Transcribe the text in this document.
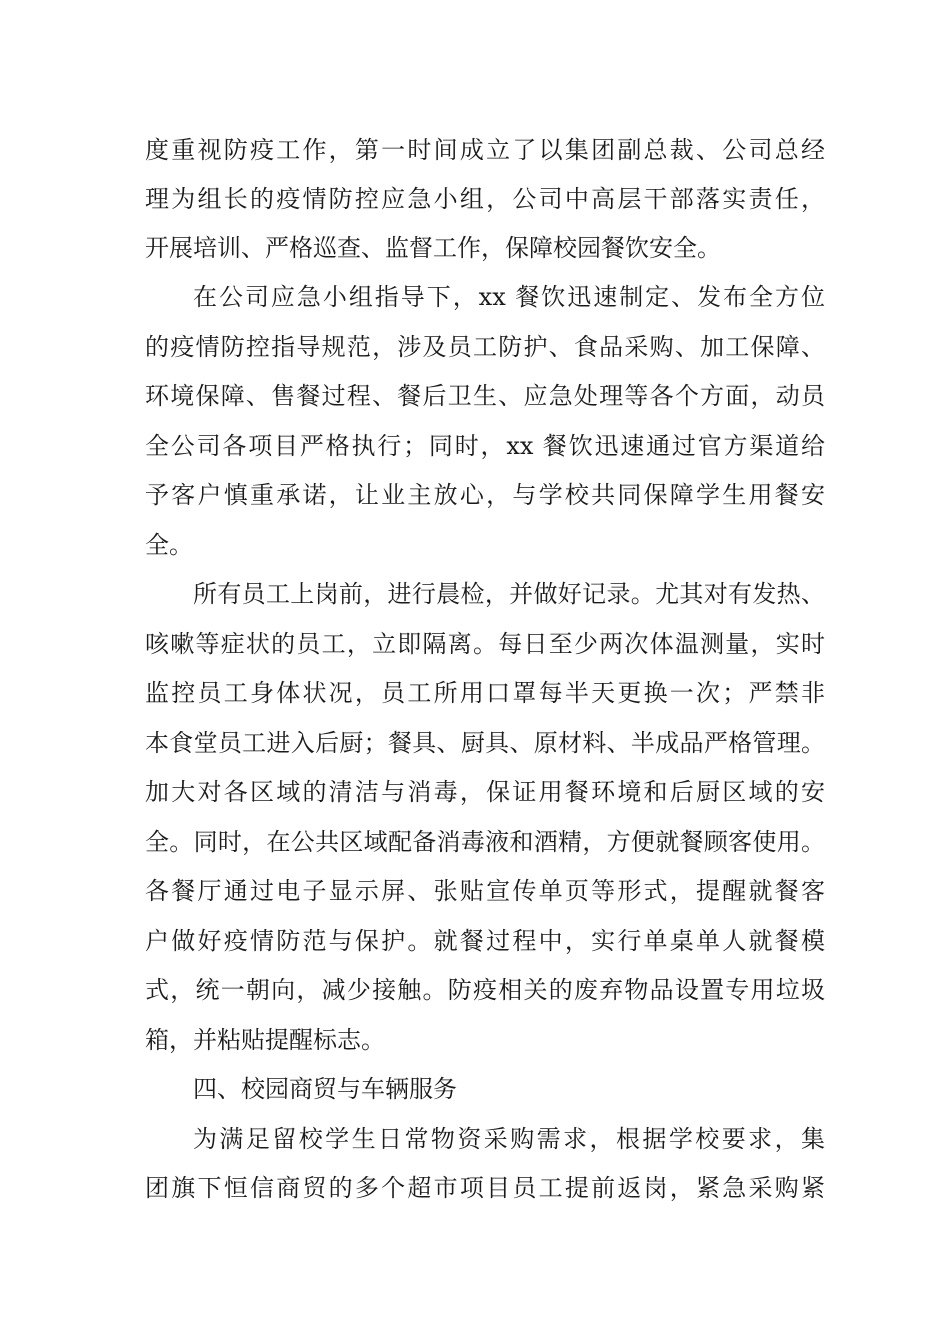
度重视防疫工作，第一时间成立了以集团副总裁、公司总经
理为组长的疫情防控应急小组，公司中高层干部落实责任，
开展培训、严格巡查、监督工作，保障校园餐饮安全。
在公司应急小组指导下，xx 餐饮迅速制定、发布全方位
的疫情防控指导规范，涉及员工防护、食品采购、加工保障、
环境保障、售餐过程、餐后卫生、应急处理等各个方面，动员
全公司各项目严格执行；同时，xx 餐饮迅速通过官方渠道给
予客户慎重承诺，让业主放心，与学校共同保障学生用餐安
全。
所有员工上岗前，进行晨检，并做好记录。尤其对有发热、
咳嗽等症状的员工，立即隔离。每日至少两次体温测量，实时
监控员工身体状况，员工所用口罩每半天更换一次；严禁非
本食堂员工进入后厨；餐具、厨具、原材料、半成品严格管理。
加大对各区域的清洁与消毒，保证用餐环境和后厨区域的安
全。同时，在公共区域配备消毒液和酒精，方便就餐顾客使用。
各餐厅通过电子显示屏、张贴宣传单页等形式，提醒就餐客
户做好疫情防范与保护。就餐过程中，实行单桌单人就餐模
式，统一朝向，减少接触。防疫相关的废弃物品设置专用垃圾
箱，并粘贴提醒标志。
四、校园商贸与车辆服务
为满足留校学生日常物资采购需求，根据学校要求，集
团旗下恒信商贸的多个超市项目员工提前返岗，紧急采购紧
